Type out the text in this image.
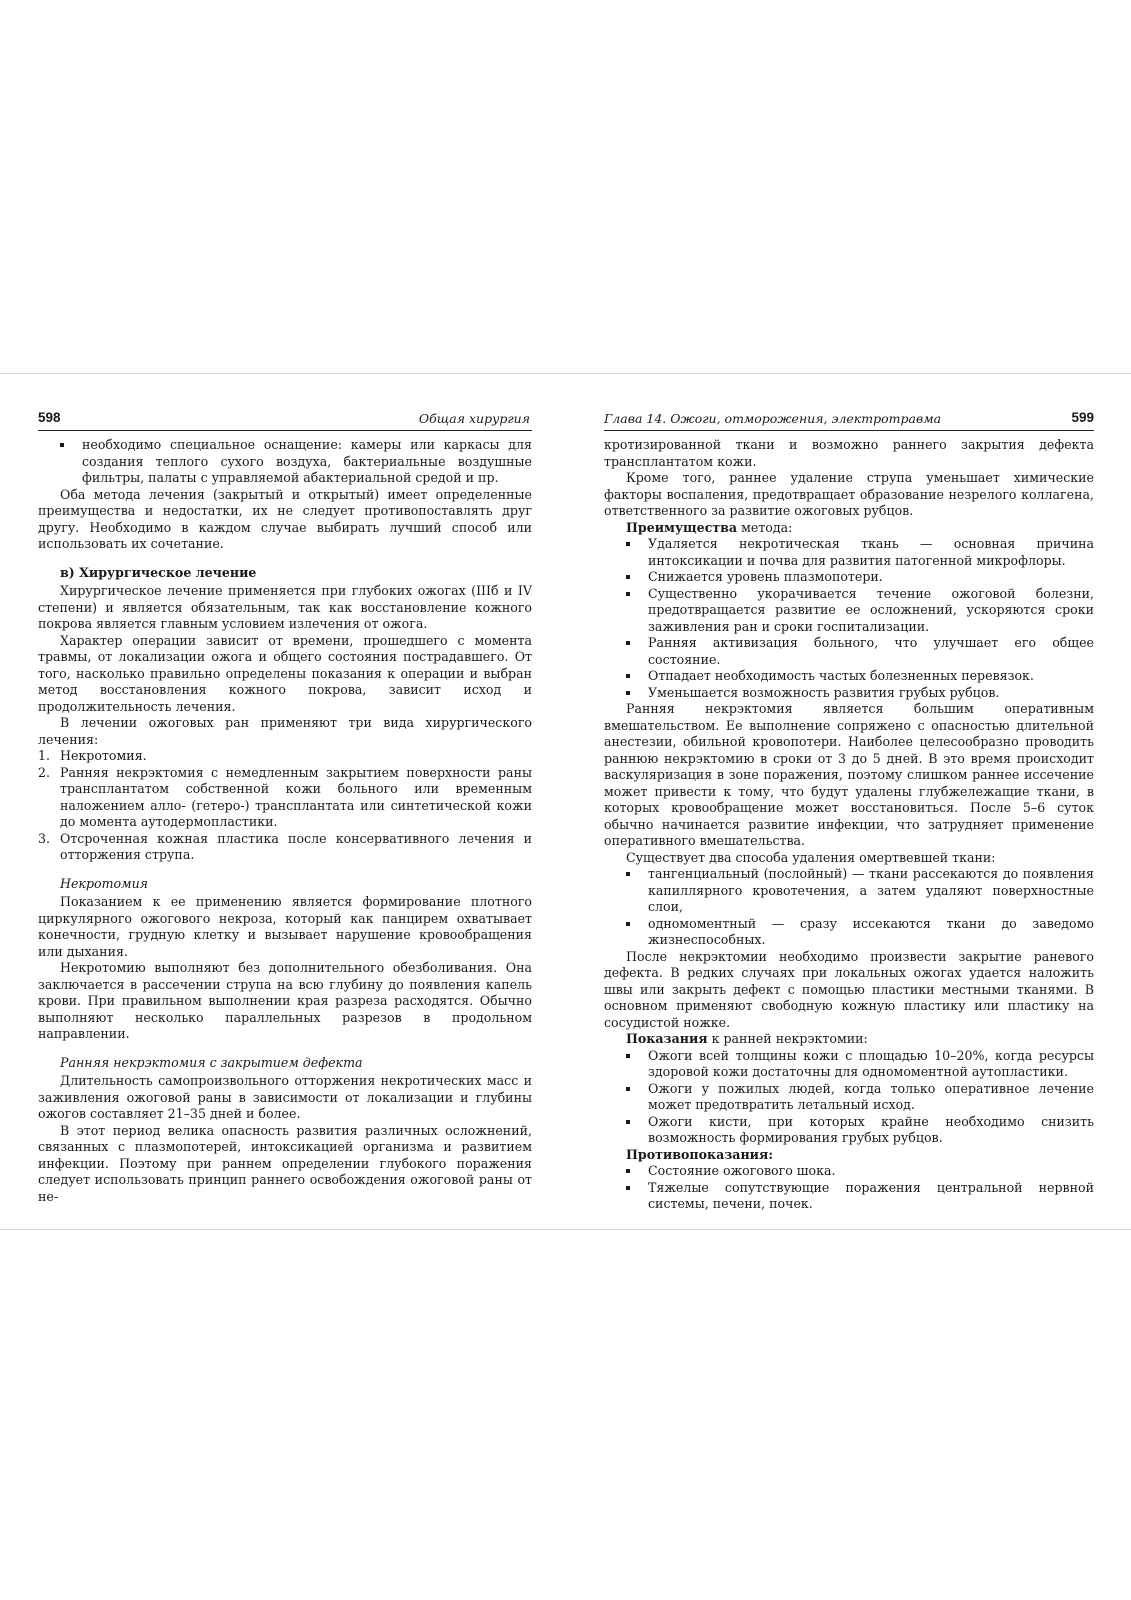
598	Общая хирургия
необходимо специальное оснащение: камеры или каркасы для создания теплого сухого воздуха, бактериальные воздушные фильтры, палаты с управляемой абактериальной средой и пр.

Оба метода лечения (закрытый и открытый) имеет определенные преимущества и недостатки, их не следует противопоставлять друг другу. Необходимо в каждом случае выбирать лучший способ или использовать их сочетание.

в) Хирургическое лечение

Хирургическое лечение применяется при глубоких ожогах (IIIб и IV степени) и является обязательным, так как восстановление кожного покрова является главным условием излечения от ожога.

Характер операции зависит от времени, прошедшего с момента травмы, от локализации ожога и общего состояния пострадавшего. От того, насколько правильно определены показания к операции и выбран метод восстановления кожного покрова, зависит исход и продолжительность лечения.

В лечении ожоговых ран применяют три вида хирургического лечения:

1. Некротомия.
2. Ранняя некрэктомия с немедленным закрытием поверхности раны трансплантатом собственной кожи больного или временным наложением алло- (гетеро-) трансплантата или синтетической кожи до момента аутодермопластики.
3. Отсроченная кожная пластика после консервативного лечения и отторжения струпа.
Некротомия

Показанием к ее применению является формирование плотного циркулярного ожогового некроза, который как панцирем охватывает конечности, грудную клетку и вызывает нарушение кровообращения или дыхания.

Некротомию выполняют без дополнительного обезболивания. Она заключается в рассечении струпа на всю глубину до появления капель крови. При правильном выполнении края разреза расходятся. Обычно выполняют несколько параллельных разрезов в продольном направлении.

Ранняя некрэктомия с закрытием дефекта

Длительность самопроизвольного отторжения некротических масс и заживления ожоговой раны в зависимости от локализации и глубины ожогов составляет 21–35 дней и более.

В этот период велика опасность развития различных осложнений, связанных с плазмопотерей, интоксикацией организма и развитием инфекции. Поэтому при раннем определении глубокого поражения следует использовать принцип раннего освобождения ожоговой раны от не-

Глава 14. Ожоги, отморожения, электротравма	599

кротизированной ткани и возможно раннего закрытия дефекта трансплантатом кожи.

Кроме того, раннее удаление струпа уменьшает химические факторы воспаления, предотвращает образование незрелого коллагена, ответственного за развитие ожоговых рубцов.

Преимущества метода:

Удаляется некротическая ткань — основная причина интоксикации и почва для развития патогенной микрофлоры.
Снижается уровень плазмопотери.
Существенно укорачивается течение ожоговой болезни, предотвращается развитие ее осложнений, ускоряются сроки заживления ран и сроки госпитализации.
Ранняя активизация больного, что улучшает его общее состояние.
Отпадает необходимость частых болезненных перевязок.
Уменьшается возможность развития грубых рубцов.

Ранняя некрэктомия является большим оперативным вмешательством. Ее выполнение сопряжено с опасностью длительной анестезии, обильной кровопотери. Наиболее целесообразно проводить раннюю некрэктомию в сроки от 3 до 5 дней. В это время происходит васкуляризация в зоне поражения, поэтому слишком раннее иссечение может привести к тому, что будут удалены глубжележащие ткани, в которых кровообращение может восстановиться. После 5–6 суток обычно начинается развитие инфекции, что затрудняет применение оперативного вмешательства.

Существует два способа удаления омертвевшей ткани:

тангенциальный (послойный) — ткани рассекаются до появления капиллярного кровотечения, а затем удаляют поверхностные слои,
одномоментный — сразу иссекаются ткани до заведомо жизнеспособных.

После некрэктомии необходимо произвести закрытие раневого дефекта. В редких случаях при локальных ожогах удается наложить швы или закрыть дефект с помощью пластики местными тканями. В основном применяют свободную кожную пластику или пластику на сосудистой ножке.

Показания к ранней некрэктомии:

Ожоги всей толщины кожи с площадью 10–20%, когда ресурсы здоровой кожи достаточны для одномоментной аутопластики.
Ожоги у пожилых людей, когда только оперативное лечение может предотвратить летальный исход.
Ожоги кисти, при которых крайне необходимо снизить возможность формирования грубых рубцов.

Противопоказания:

Состояние ожогового шока.
Тяжелые сопутствующие поражения центральной нервной системы, печени, почек.
